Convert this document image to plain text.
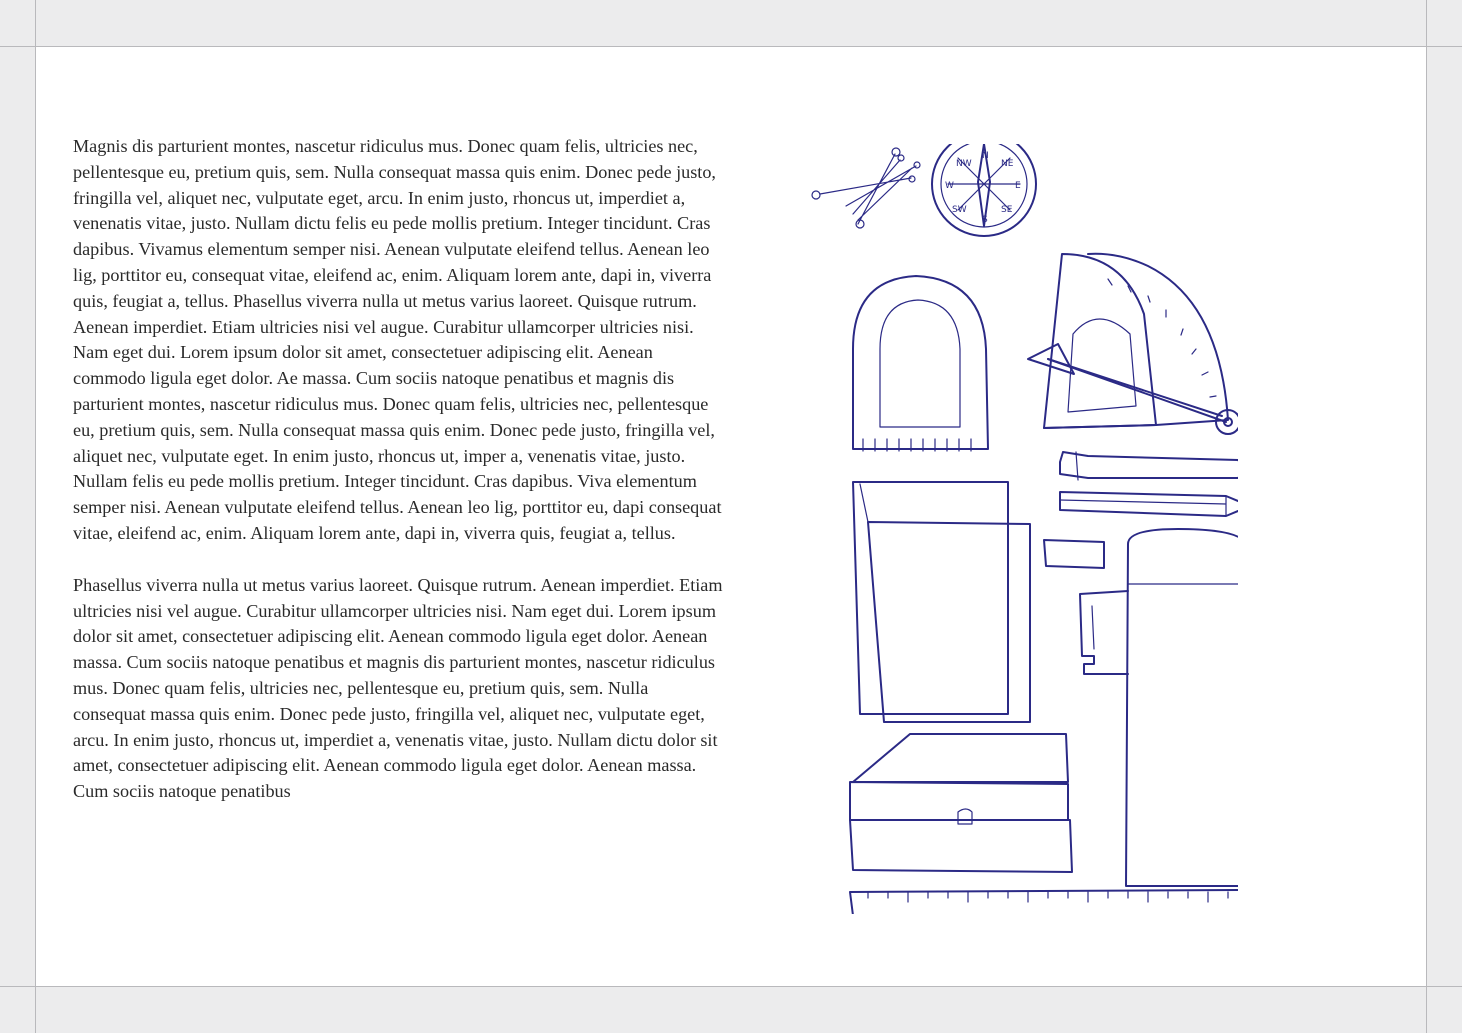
Magnis dis parturient montes, nascetur ridiculus mus. Donec quam felis, ultricies nec, pellentesque eu, pretium quis, sem. Nulla consequat massa quis enim. Donec pede justo, fringilla vel, aliquet nec, vulputate eget, arcu. In enim justo, rhoncus ut, imperdiet a, venenatis vitae, justo. Nullam dictu felis eu pede mollis pretium. Integer tincidunt. Cras dapibus. Vivamus elementum semper nisi. Aenean vulputate eleifend tellus. Aenean leo lig, porttitor eu, consequat vitae, eleifend ac, enim. Aliquam lorem ante, dapi in, viverra quis, feugiat a, tellus. Phasellus viverra nulla ut metus varius laoreet. Quisque rutrum. Aenean imperdiet. Etiam ultricies nisi vel augue. Curabitur ullamcorper ultricies nisi. Nam eget dui. Lorem ipsum dolor sit amet, consectetuer adipiscing elit. Aenean commodo ligula eget dolor. Ae massa. Cum sociis natoque penatibus et magnis dis parturient montes, nascetur ridiculus mus. Donec quam felis, ultricies nec, pellentesque eu, pretium quis, sem. Nulla consequat massa quis enim. Donec pede justo, fringilla vel, aliquet nec, vulputate eget. In enim justo, rhoncus ut, imper a, venenatis vitae, justo. Nullam felis eu pede mollis pretium. Integer tincidunt. Cras dapibus. Viva elementum semper nisi. Aenean vulputate eleifend tellus. Aenean leo lig, porttitor eu, dapi consequat vitae, eleifend ac, enim. Aliquam lorem ante, dapi in, viverra quis, feugiat a, tellus.

Phasellus viverra nulla ut metus varius laoreet. Quisque rutrum. Aenean imperdiet. Etiam ultricies nisi vel augue. Curabitur ullamcorper ultricies nisi. Nam eget dui. Lorem ipsum dolor sit amet, consectetuer adipiscing elit. Aenean commodo ligula eget dolor. Aenean massa. Cum sociis natoque penatibus et magnis dis parturient montes, nascetur ridiculus mus. Donec quam felis, ultricies nec, pellentesque eu, pretium quis, sem. Nulla consequat massa quis enim. Donec pede justo, fringilla vel, aliquet nec, vulputate eget, arcu. In enim justo, rhoncus ut, imperdiet a, venenatis vitae, justo. Nullam dictu dolor sit amet, consectetuer adipiscing elit. Aenean commodo ligula eget dolor. Aenean massa. Cum sociis natoque penatibus

N
NW	NE
W	E
SW
S
SE
